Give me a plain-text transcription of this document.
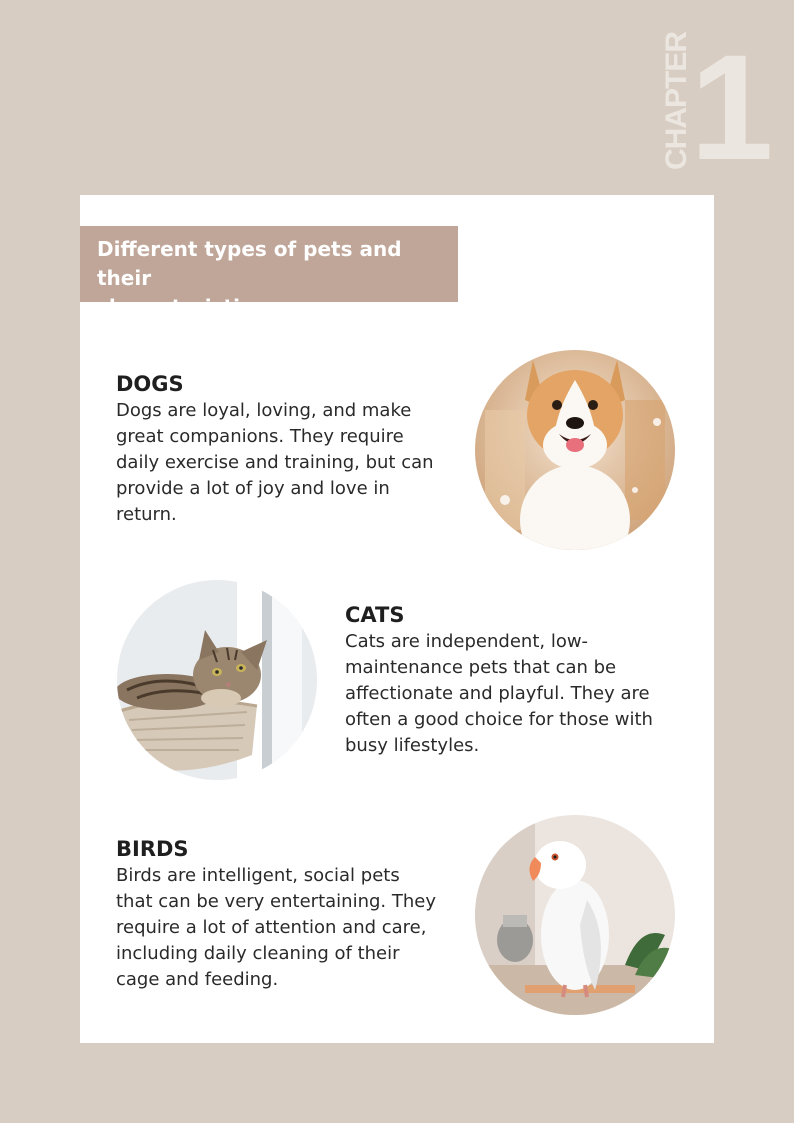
CHAPTER
1
Different types of pets and their
characteristics:
DOGS
Dogs are loyal, loving, and make
great companions. They require
daily exercise and training, but can
provide a lot of joy and love in
return.
CATS
Cats are independent, low-
maintenance pets that can be
affectionate and playful. They are
often a good choice for those with
busy lifestyles.
BIRDS
Birds are intelligent, social pets
that can be very entertaining. They
require a lot of attention and care,
including daily cleaning of their
cage and feeding.
